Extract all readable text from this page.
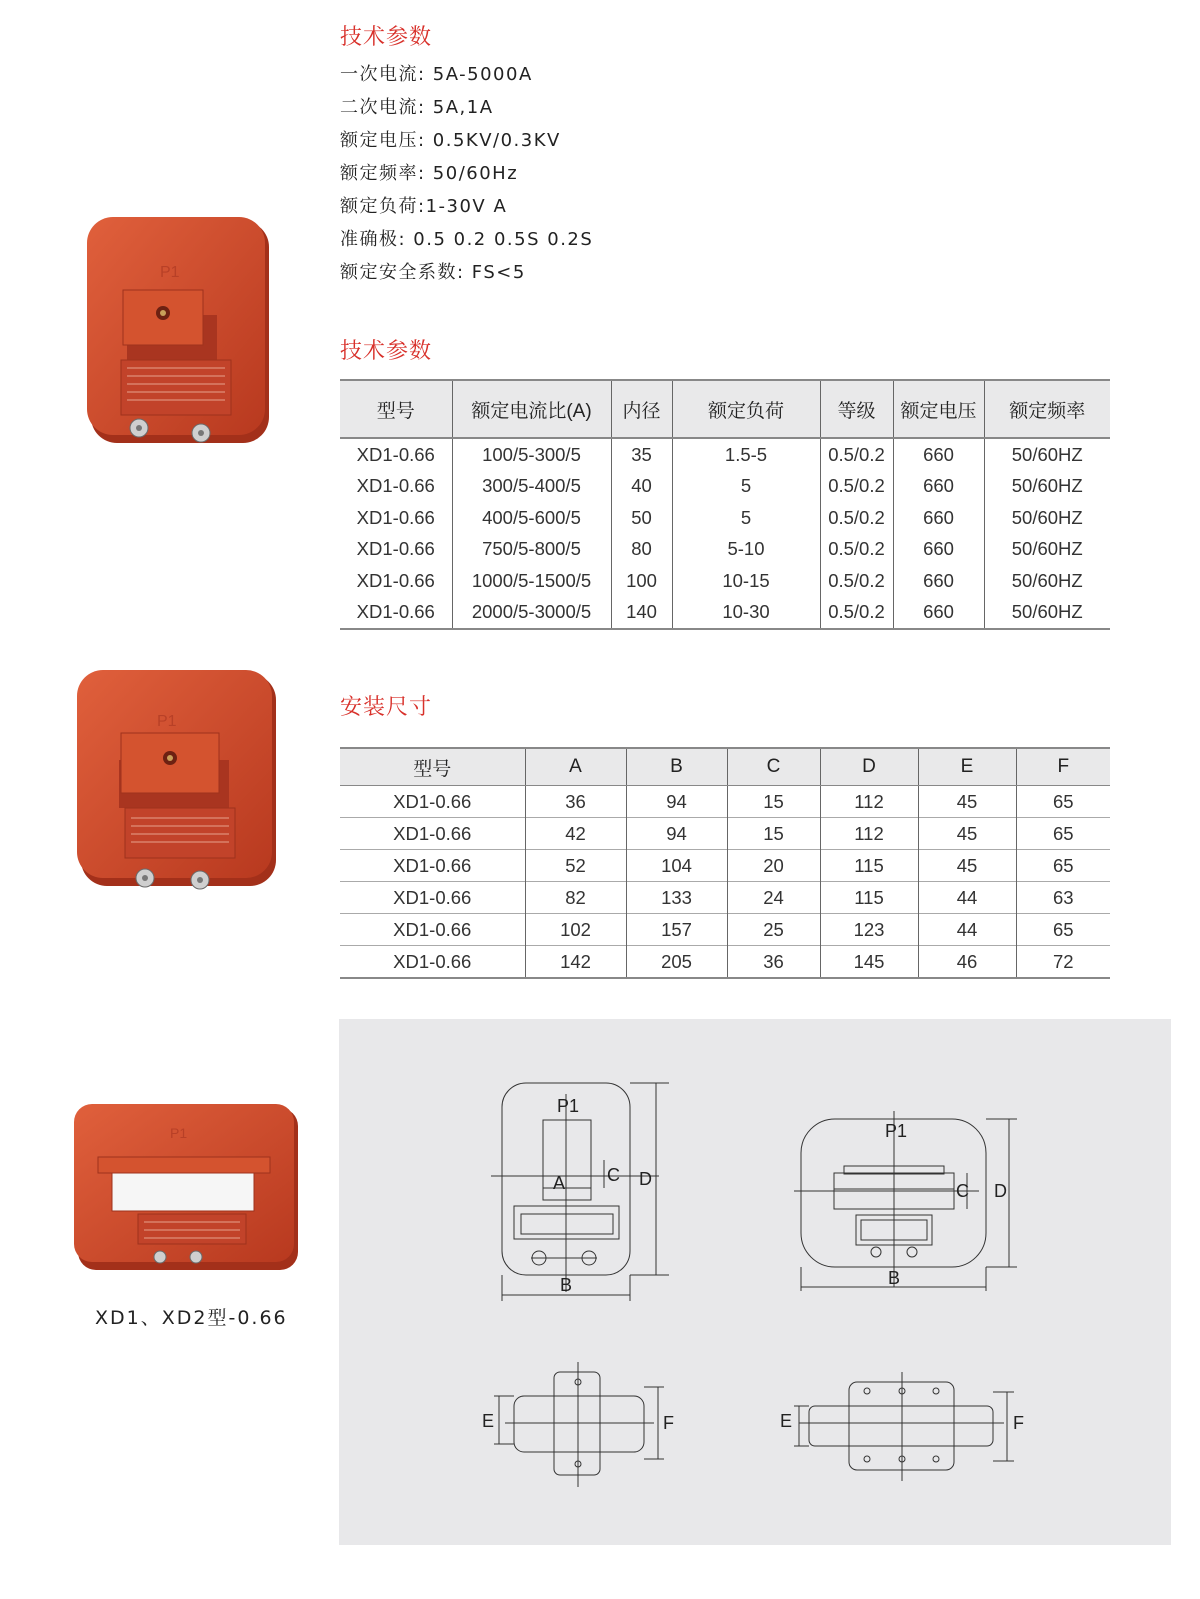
技术参数
一次电流: 5A-5000A
二次电流: 5A,1A
额定电压: 0.5KV/0.3KV
额定频率: 50/60Hz
额定负荷:1-30V A
准确极: 0.5 0.2 0.5S 0.2S
额定安全系数: FS<5
P1
技术参数
型号	额定电流比(A)	内径	额定负荷	等级	额定电压	额定频率
XD1-0.66	100/5-300/5	35	1.5-5	0.5/0.2	660	50/60HZ
XD1-0.66	300/5-400/5	40	5	0.5/0.2	660	50/60HZ
XD1-0.66	400/5-600/5	50	5	0.5/0.2	660	50/60HZ
XD1-0.66	750/5-800/5	80	5-10	0.5/0.2	660	50/60HZ
XD1-0.66	1000/5-1500/5	100	10-15	0.5/0.2	660	50/60HZ
XD1-0.66	2000/5-3000/5	140	10-30	0.5/0.2	660	50/60HZ
P1
安装尺寸
型号	A	B	C	D	E	F
XD1-0.66	36	94	15	112	45	65
XD1-0.66	42	94	15	112	45	65
XD1-0.66	52	104	20	115	45	65
XD1-0.66	82	133	24	115	44	63
XD1-0.66	102	157	25	123	44	65
XD1-0.66	142	205	36	145	46	72
P1
XD1、XD2型-0.66
P1
A
B
C D
P1
B
C D
E	F	E	F
